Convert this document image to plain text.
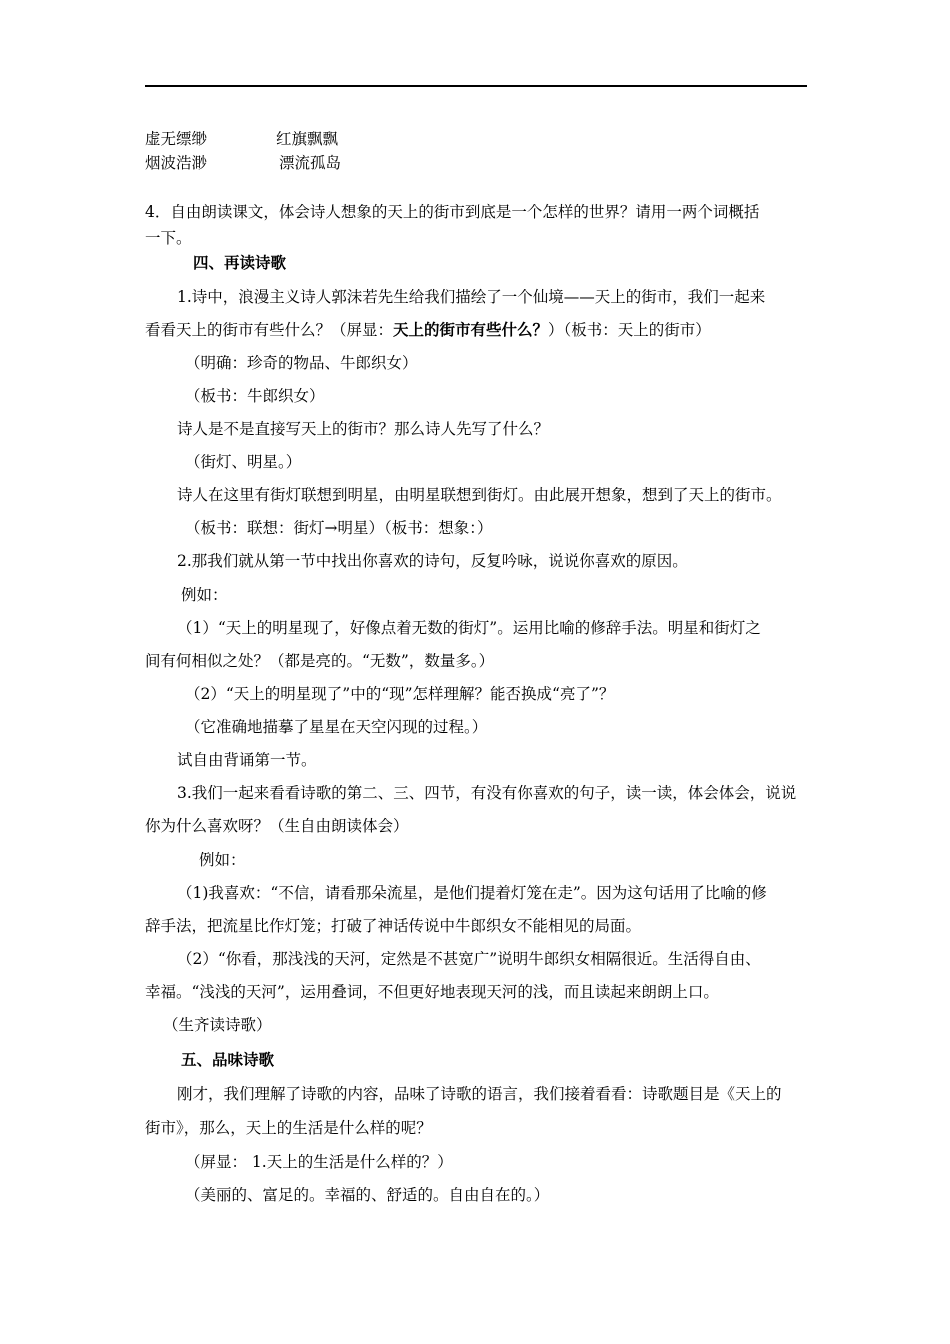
虚无缥缈	红旗飘飘
烟波浩渺	漂流孤岛
4．自由朗读课文，体会诗人想象的天上的街市到底是一个怎样的世界？请用一两个词概括
一下。
四、再读诗歌
1.诗中，浪漫主义诗人郭沫若先生给我们描绘了一个仙境——天上的街市，我们一起来
看看天上的街市有些什么？（屏显：天上的街市有些什么？）（板书：天上的街市）
（明确：珍奇的物品、牛郎织女）
（板书：牛郎织女）
诗人是不是直接写天上的街市？那么诗人先写了什么？
（街灯、明星。）
诗人在这里有街灯联想到明星，由明星联想到街灯。由此展开想象，想到了天上的街市。
（板书：联想：街灯→明星）（板书：想象：）
2.那我们就从第一节中找出你喜欢的诗句，反复吟咏，说说你喜欢的原因。
例如：
（1）“天上的明星现了，好像点着无数的街灯”。运用比喻的修辞手法。明星和街灯之
间有何相似之处？（都是亮的。“无数”，数量多。）
（2）“天上的明星现了”中的“现”怎样理解？能否换成“亮了”？
（它准确地描摹了星星在天空闪现的过程。）
试自由背诵第一节。
3.我们一起来看看诗歌的第二、三、四节，有没有你喜欢的句子，读一读，体会体会，说说
你为什么喜欢呀？（生自由朗读体会）
例如：
（1)我喜欢：“不信，请看那朵流星，是他们提着灯笼在走”。因为这句话用了比喻的修
辞手法，把流星比作灯笼；打破了神话传说中牛郎织女不能相见的局面。
（2）“你看，那浅浅的天河，定然是不甚宽广”说明牛郎织女相隔很近。生活得自由、
幸福。“浅浅的天河”，运用叠词，不但更好地表现天河的浅，而且读起来朗朗上口。
（生齐读诗歌）
五、品味诗歌
刚才，我们理解了诗歌的内容，品味了诗歌的语言，我们接着看看：诗歌题目是《天上的
街市》，那么，天上的生活是什么样的呢？
（屏显： 1.天上的生活是什么样的？）
（美丽的、富足的。幸福的、舒适的。自由自在的。）
